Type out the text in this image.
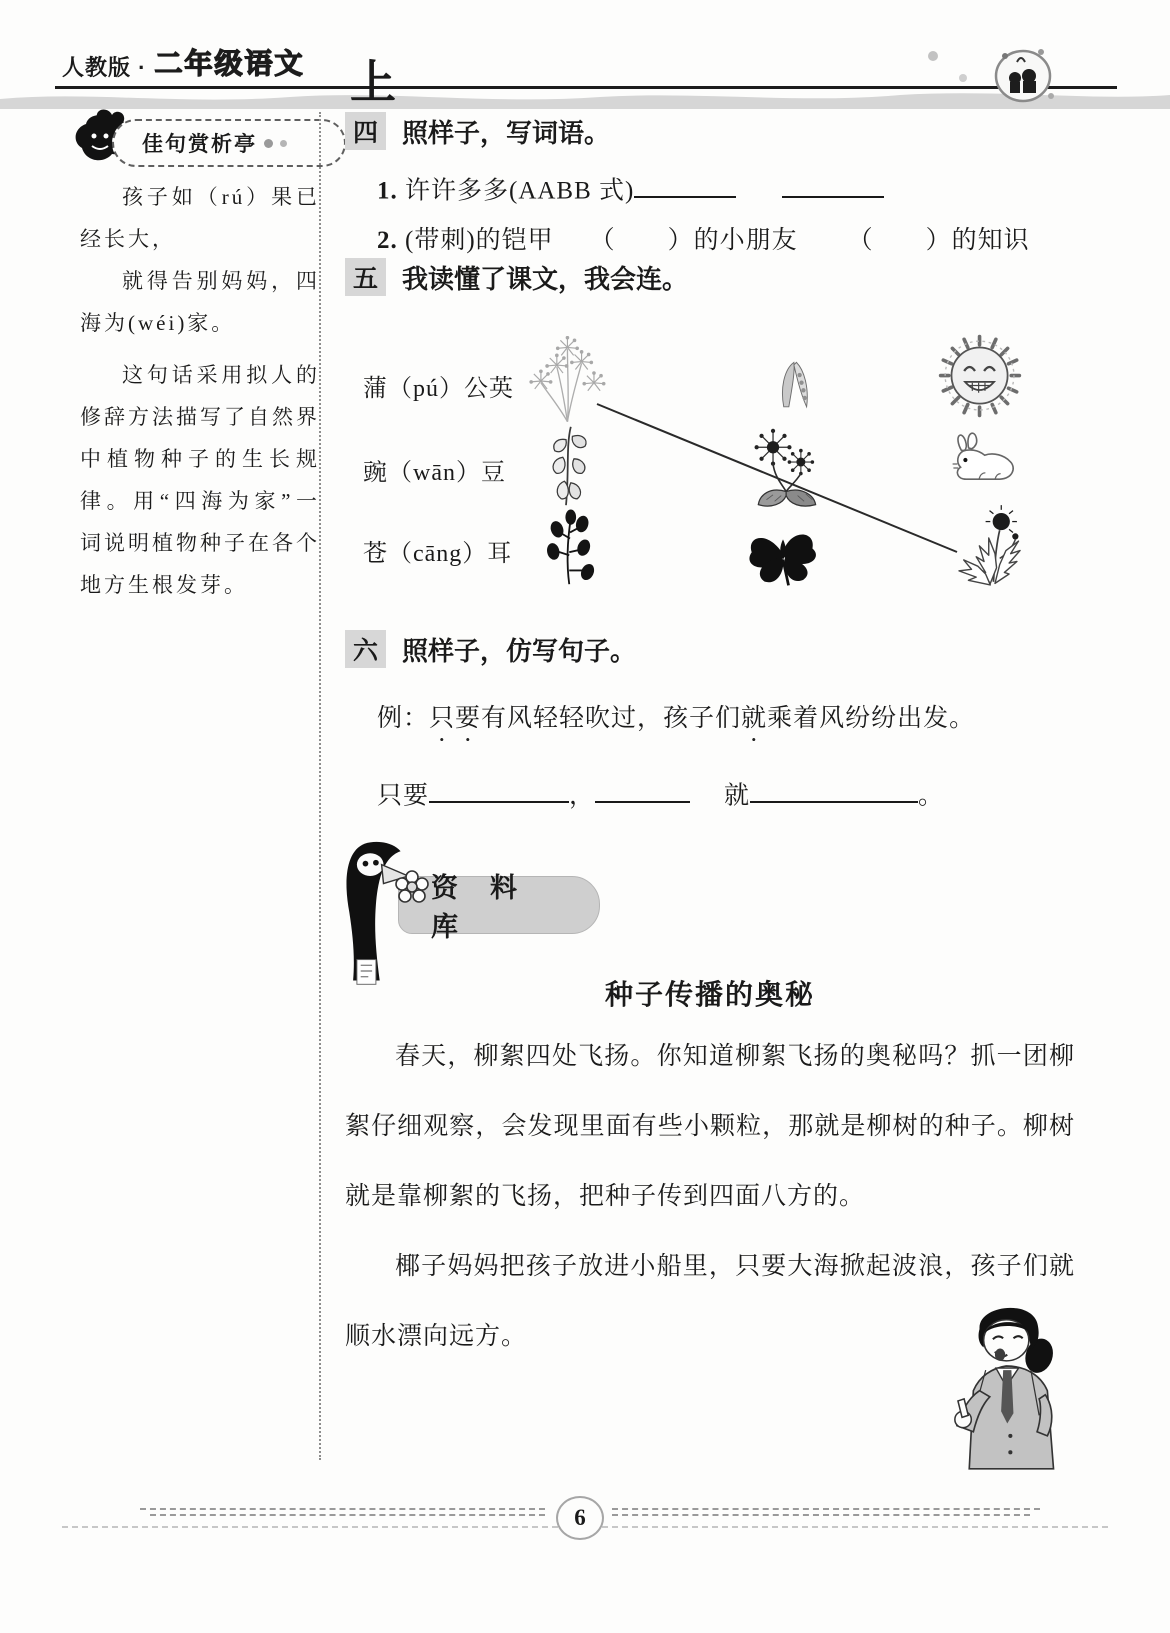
人教版 · 二年级语文 上
佳句赏析亭

孩子如（rú）果已经长大，

就得告别妈妈，四海为(wéi)家。

这句话采用拟人的修辞方法描写了自然界中植物种子的生长规律。用“四海为家”一词说明植物种子在各个地方生根发芽。

四 照样子，写词语。
1. 许许多多(AABB 式)
2. (带刺)的铠甲 （　　）的小朋友 （　　）的知识
五 我读懂了课文，我会连。
蒲（pú）公英
豌（wān）豆
苍（cāng）耳
六 照样子，仿写句子。
例：只要有风轻轻吹过，孩子们就乘着风纷纷出发。
只要	，	就	。
资料库
种子传播的奥秘

春天，柳絮四处飞扬。你知道柳絮飞扬的奥秘吗？抓一团柳絮仔细观察，会发现里面有些小颗粒，那就是柳树的种子。柳树就是靠柳絮的飞扬，把种子传到四面八方的。

椰子妈妈把孩子放进小船里，只要大海掀起波浪，孩子们就顺水漂向远方。

6
